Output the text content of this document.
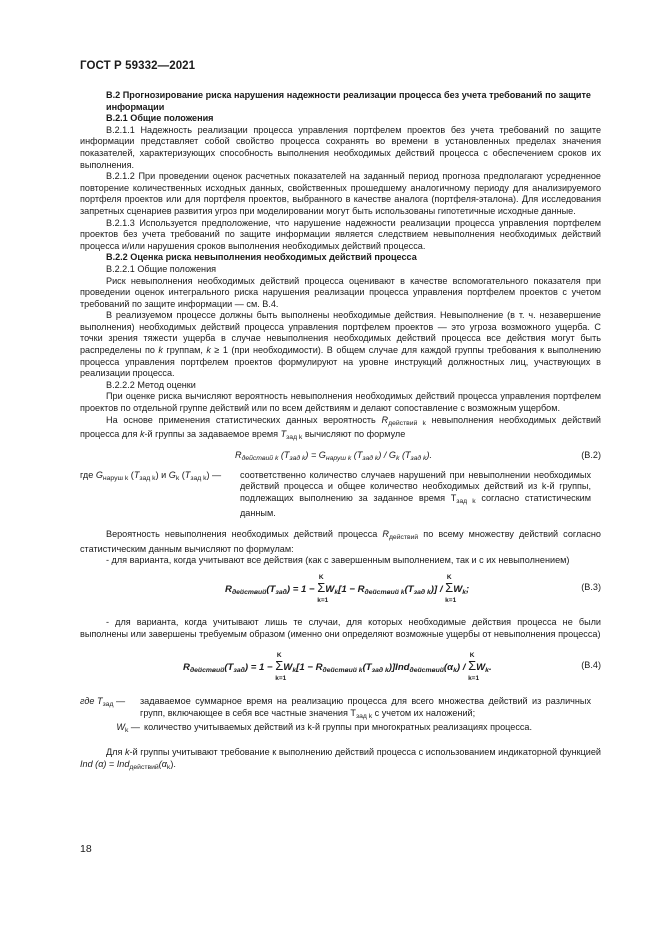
ГОСТ Р 59332—2021

В.2 Прогнозирование риска нарушения надежности реализации процесса без учета требований по защите информации

В.2.1 Общие положения

В.2.1.1 Надежность реализации процесса управления портфелем проектов без учета требований по защите информации представляет собой свойство процесса сохранять во времени в установленных пределах значения показателей, характеризующих способность выполнения необходимых действий процесса с обеспечением сроков их выполнения.

В.2.1.2 При проведении оценок расчетных показателей на заданный период прогноза предполагают усредненное повторение количественных исходных данных, свойственных прошедшему аналогичному периоду для анализируемого портфеля проектов или для портфеля проектов, выбранного в качестве аналога (портфеля-эталона). Для исследования запретных сценариев развития угроз при моделировании могут быть использованы гипотетичные исходные данные.

В.2.1.3 Используется предположение, что нарушение надежности реализации процесса управления портфелем проектов без учета требований по защите информации является следствием невыполнения необходимых действий процесса и/или нарушения сроков выполнения необходимых действий процесса.

В.2.2 Оценка риска невыполнения необходимых действий процесса

В.2.2.1 Общие положения

Риск невыполнения необходимых действий процесса оценивают в качестве вспомогательного показателя при проведении оценок интегрального риска нарушения реализации процесса управления портфелем проектов с учетом требований по защите информации — см. В.4.

В реализуемом процессе должны быть выполнены необходимые действия. Невыполнение (в т. ч. незавершение выполнения) необходимых действий процесса управления портфелем проектов — это угроза возможного ущерба. С точки зрения тяжести ущерба в случае невыполнения необходимых действий процесса все действия могут быть распределены по k группам, k ≥ 1 (при необходимости). В общем случае для каждой группы требования к выполнению процесса управления портфелем проектов формулируют на уровне инструкций должностных лиц, участвующих в реализации процесса.

В.2.2.2 Метод оценки

При оценке риска вычисляют вероятность невыполнения необходимых действий процесса управления портфелем проектов по отдельной группе действий или по всем действиям и делают сопоставление с возможным ущербом.

На основе применения статистических данных вероятность $R_{действий k}$ невыполнения необходимых действий процесса для k-й группы за задаваемое время $T_{зад k}$ вычисляют по формуле

$R_{действий k}$ $(T_{зад k}) = G_{наруш k}$ $(T_{зад k}) / G_k$ $(T_{зад k})$.	(В.2)
где $G_{наруш k}$ $(T_{зад k})$ и $G_k$ $(T_{зад k})$ —	соответственно количество случаев нарушений при невыполнении необходимых действий процесса и общее количество необходимых действий из k-й группы, подлежащих выполнению за заданное время $T_{зад k}$ согласно статистическим данным.

Вероятность невыполнения необходимых действий процесса $R_{действий}$ по всему множеству действий согласно статистическим данным вычисляют по формулам:

- для варианта, когда учитывают все действия (как с завершенным выполнением, так и с их невыполнением)

$R_{действий}(T_{зад}) = 1$ −
K
Σ
k=1
$W_k[1 - R_{действий k}(T_{зад k})]$ /
K
Σ
k=1
$W_k$;	(В.3)

- для варианта, когда учитывают лишь те случаи, для которых необходимые действия процесса не были выполнены или завершены требуемым образом (именно они определяют возможные ущербы от невыполнения процесса)

$R_{действий}(T_{зад}) = 1$ −
K
Σ
k=1
$W_k[1 - R_{действий k}(T_{зад k})]Ind_{действий}(\alpha_k)$ /
K
Σ
k=1
$W_k$.	(В.4)
где $T_{зад}$ —	задаваемое суммарное время на реализацию процесса для всего множества действий из различных групп, включающее в себя все частные значения $T_{зад k}$ с учетом их наложений;
$W_k$ — количество учитываемых действий из k-й группы при многократных реализациях процесса.

Для k-й группы учитывают требование к выполнению действий процесса с использованием индикаторной функцией Ind $(\alpha) = Ind_{действий}(\alpha_k)$.

18
